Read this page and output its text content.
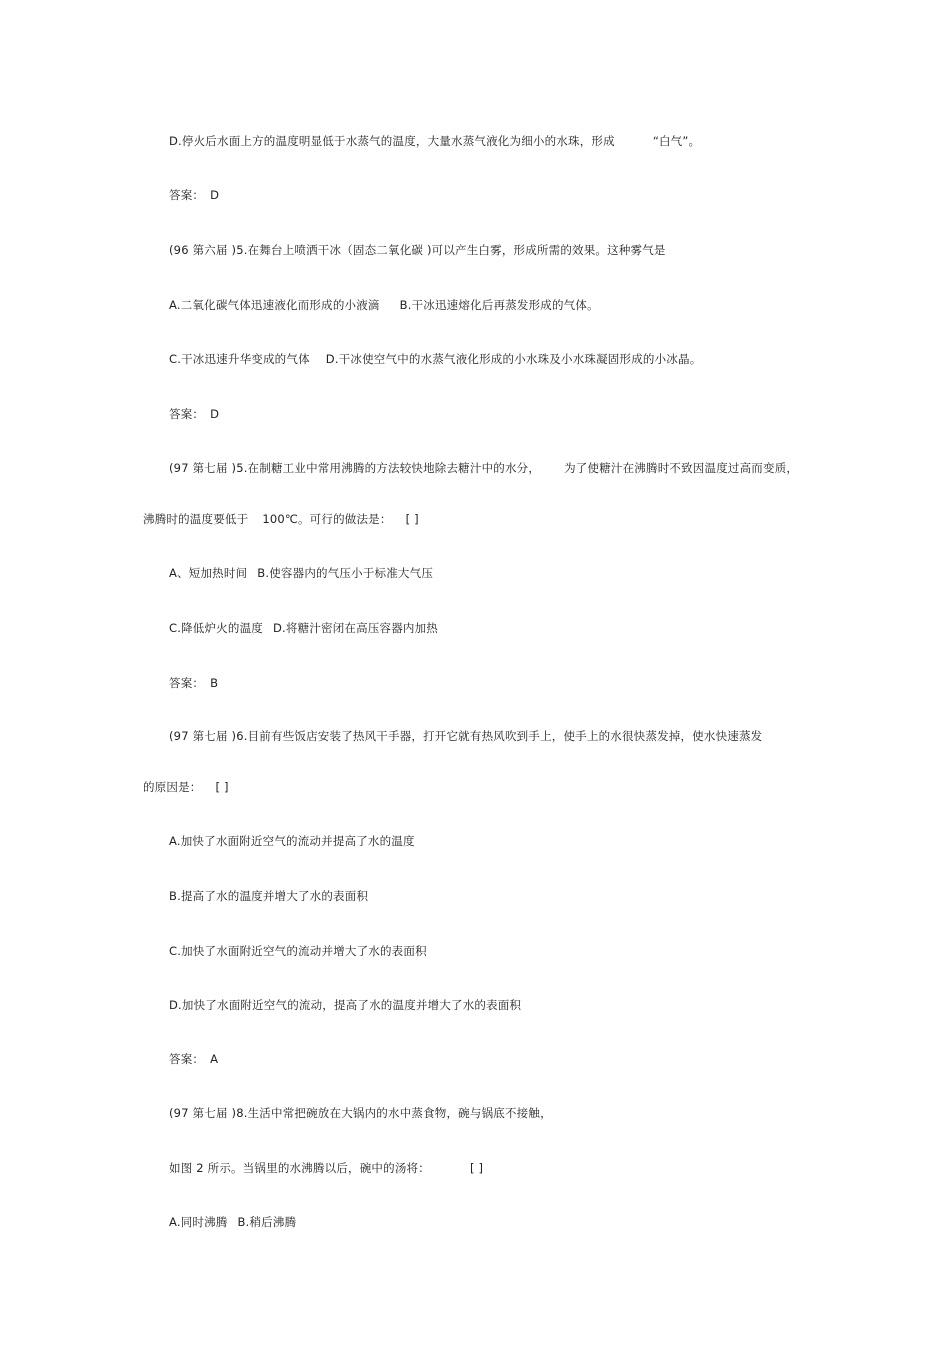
D.停火后水面上方的温度明显低于水蒸气的温度，大量水蒸气液化为细小的水珠，形成	“白气”。
答案： D
(96 第六届 )5.在舞台上喷洒干冰（固态二氧化碳 )可以产生白雾，形成所需的效果。这种雾气是
A.二氧化碳气体迅速液化而形成的小液滴 B.干冰迅速熔化后再蒸发形成的气体。
C.干冰迅速升华变成的气体 D.干冰使空气中的水蒸气液化形成的小水珠及小水珠凝固形成的小冰晶。
答案： D
(97 第七届 )5.在制糖工业中常用沸腾的方法较快地除去糖汁中的水分， 为了使糖汁在沸腾时不致因温度过高而变质，
沸腾时的温度要低于 100℃。可行的做法是： [ ]
A、短加热时间 B.使容器内的气压小于标准大气压
C.降低炉火的温度 D.将糖汁密闭在高压容器内加热
答案： B
(97 第七届 )6.目前有些饭店安装了热风干手器，打开它就有热风吹到手上，使手上的水很快蒸发掉，使水快速蒸发
的原因是： [ ]
A.加快了水面附近空气的流动并提高了水的温度
B.提高了水的温度并增大了水的表面积
C.加快了水面附近空气的流动并增大了水的表面积
D.加快了水面附近空气的流动，提高了水的温度并增大了水的表面积
答案： A
(97 第七届 )8.生活中常把碗放在大锅内的水中蒸食物，碗与锅底不接触，
如图 2 所示。当锅里的水沸腾以后，碗中的汤将：	[ ]
A.同时沸腾 B.稍后沸腾
